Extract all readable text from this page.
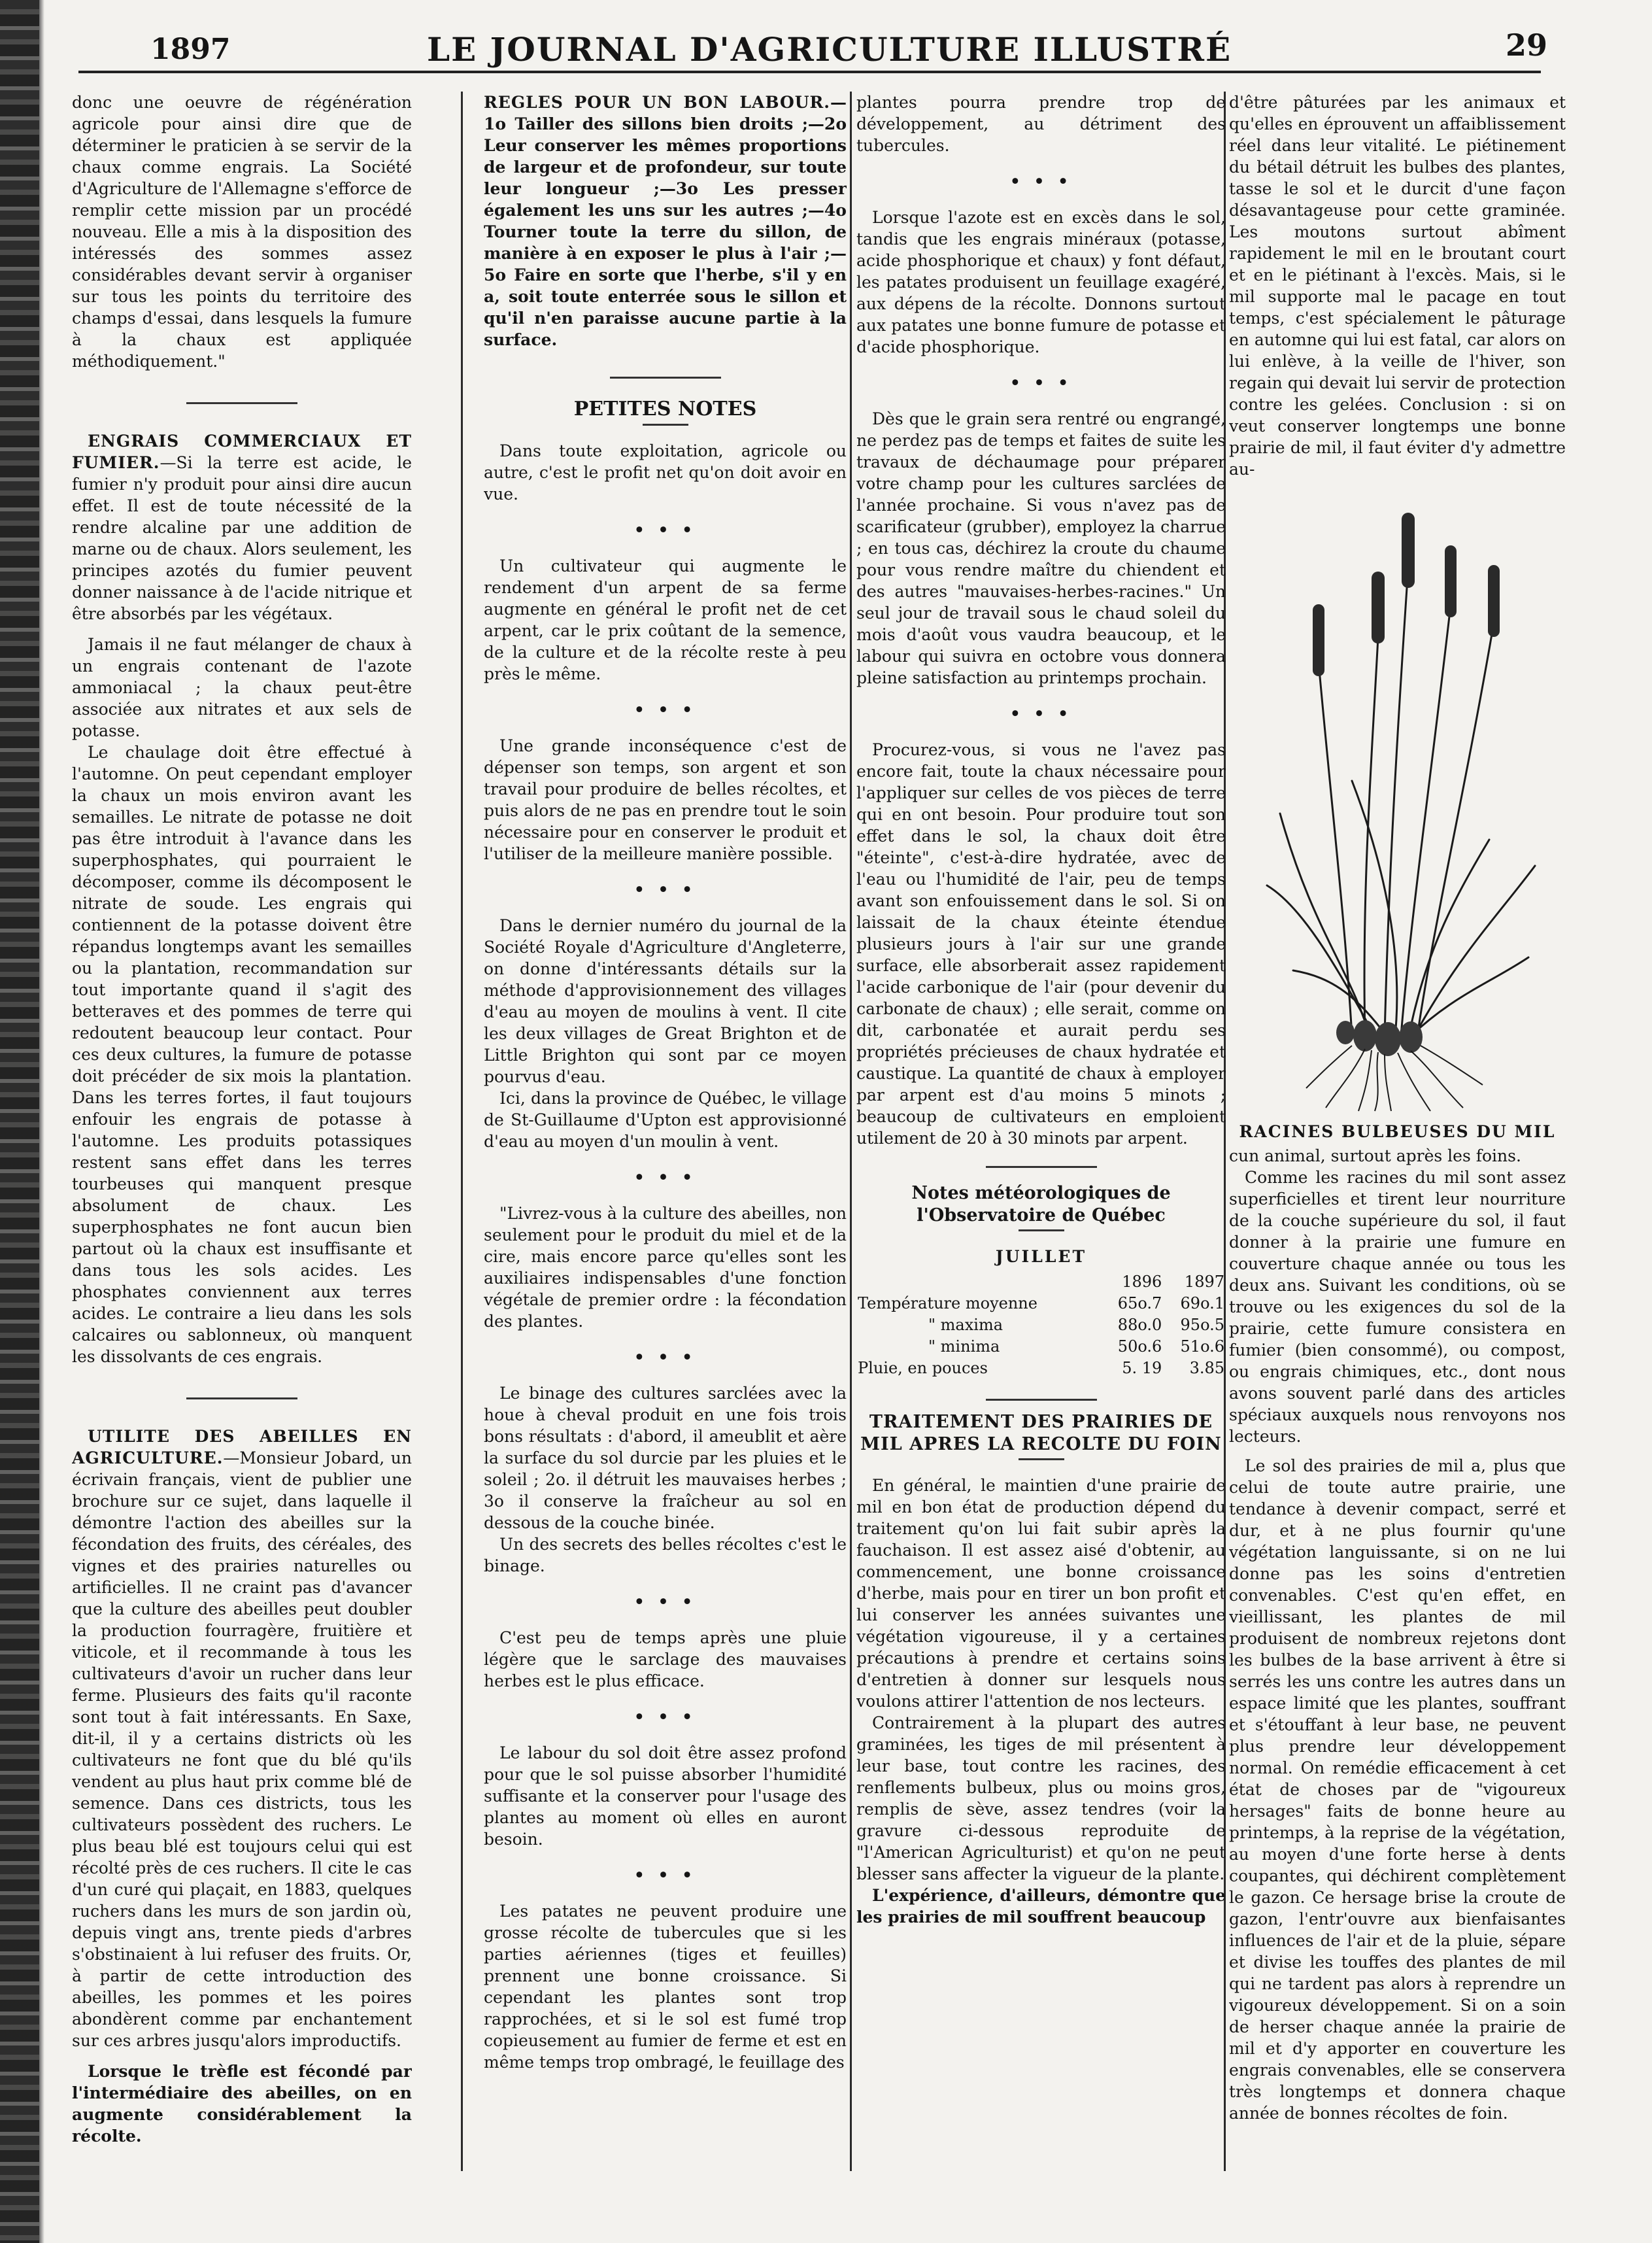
1897	LE JOURNAL D'AGRICULTURE ILLUSTRÉ	29

donc une oeuvre de régénération agricole pour ainsi dire que de déterminer le praticien à se servir de la chaux comme engrais. La Société d'Agriculture de l'Allemagne s'efforce de remplir cette mission par un procédé nouveau. Elle a mis à la disposition des intéressés des sommes assez considérables devant servir à organiser sur tous les points du territoire des champs d'essai, dans lesquels la fumure à la chaux est appliquée méthodiquement."

ENGRAIS COMMERCIAUX ET FUMIER.—Si la terre est acide, le fumier n'y produit pour ainsi dire aucun effet. Il est de toute nécessité de la rendre alcaline par une addition de marne ou de chaux. Alors seulement, les principes azotés du fumier peuvent donner naissance à de l'acide nitrique et être absorbés par les végétaux.

Jamais il ne faut mélanger de chaux à un engrais contenant de l'azote ammoniacal ; la chaux peut-être associée aux nitrates et aux sels de potasse.

Le chaulage doit être effectué à l'automne. On peut cependant employer la chaux un mois environ avant les semailles. Le nitrate de potasse ne doit pas être introduit à l'avance dans les superphosphates, qui pourraient le décomposer, comme ils décomposent le nitrate de soude. Les engrais qui contiennent de la potasse doivent être répandus longtemps avant les semailles ou la plantation, recommandation sur tout importante quand il s'agit des betteraves et des pommes de terre qui redoutent beaucoup leur contact. Pour ces deux cultures, la fumure de potasse doit précéder de six mois la plantation. Dans les terres fortes, il faut toujours enfouir les engrais de potasse à l'automne. Les produits potassiques restent sans effet dans les terres tourbeuses qui manquent presque absolument de chaux. Les superphosphates ne font aucun bien partout où la chaux est insuffisante et dans tous les sols acides. Les phosphates conviennent aux terres acides. Le contraire a lieu dans les sols calcaires ou sablonneux, où manquent les dissolvants de ces engrais.

UTILITE DES ABEILLES EN AGRICULTURE.—Monsieur Jobard, un écrivain français, vient de publier une brochure sur ce sujet, dans laquelle il démontre l'action des abeilles sur la fécondation des fruits, des céréales, des vignes et des prairies naturelles ou artificielles. Il ne craint pas d'avancer que la culture des abeilles peut doubler la production fourragère, fruitière et viticole, et il recommande à tous les cultivateurs d'avoir un rucher dans leur ferme. Plusieurs des faits qu'il raconte sont tout à fait intéressants. En Saxe, dit-il, il y a certains districts où les cultivateurs ne font que du blé qu'ils vendent au plus haut prix comme blé de semence. Dans ces districts, tous les cultivateurs possèdent des ruchers. Le plus beau blé est toujours celui qui est récolté près de ces ruchers. Il cite le cas d'un curé qui plaçait, en 1883, quelques ruchers dans les murs de son jardin où, depuis vingt ans, trente pieds d'arbres s'obstinaient à lui refuser des fruits. Or, à partir de cette introduction des abeilles, les pommes et les poires abondèrent comme par enchantement sur ces arbres jusqu'alors improductifs.

Lorsque le trèfle est fécondé par l'intermédiaire des abeilles, on en augmente considérablement la récolte.

REGLES POUR UN BON LABOUR.—1o Tailler des sillons bien droits ;—2o Leur conserver les mêmes proportions de largeur et de profondeur, sur toute leur longueur ;—3o Les presser également les uns sur les autres ;—4o Tourner toute la terre du sillon, de manière à en exposer le plus à l'air ;—5o Faire en sorte que l'herbe, s'il y en a, soit toute enterrée sous le sillon et qu'il n'en paraisse aucune partie à la surface.

PETITES NOTES

Dans toute exploitation, agricole ou autre, c'est le profit net qu'on doit avoir en vue.

• • •

Un cultivateur qui augmente le rendement d'un arpent de sa ferme augmente en général le profit net de cet arpent, car le prix coûtant de la semence, de la culture et de la récolte reste à peu près le même.

• • •

Une grande inconséquence c'est de dépenser son temps, son argent et son travail pour produire de belles récoltes, et puis alors de ne pas en prendre tout le soin nécessaire pour en conserver le produit et l'utiliser de la meilleure manière possible.

• • •

Dans le dernier numéro du journal de la Société Royale d'Agriculture d'Angleterre, on donne d'intéressants détails sur la méthode d'approvisionnement des villages d'eau au moyen de moulins à vent. Il cite les deux villages de Great Brighton et de Little Brighton qui sont par ce moyen pourvus d'eau.

Ici, dans la province de Québec, le village de St-Guillaume d'Upton est approvisionné d'eau au moyen d'un moulin à vent.

• • •

"Livrez-vous à la culture des abeilles, non seulement pour le produit du miel et de la cire, mais encore parce qu'elles sont les auxiliaires indispensables d'une fonction végétale de premier ordre : la fécondation des plantes.

• • •

Le binage des cultures sarclées avec la houe à cheval produit en une fois trois bons résultats : d'abord, il ameublit et aère la surface du sol durcie par les pluies et le soleil ; 2o. il détruit les mauvaises herbes ; 3o il conserve la fraîcheur au sol en dessous de la couche binée.

Un des secrets des belles récoltes c'est le binage.

• • •

C'est peu de temps après une pluie légère que le sarclage des mauvaises herbes est le plus efficace.

• • •

Le labour du sol doit être assez profond pour que le sol puisse absorber l'humidité suffisante et la conserver pour l'usage des plantes au moment où elles en auront besoin.

• • •

Les patates ne peuvent produire une grosse récolte de tubercules que si les parties aériennes (tiges et feuilles) prennent une bonne croissance. Si cependant les plantes sont trop rapprochées, et si le sol est fumé trop copieusement au fumier de ferme et est en même temps trop ombragé, le feuillage des

plantes pourra prendre trop de développement, au détriment des tubercules.

• • •

Lorsque l'azote est en excès dans le sol, tandis que les engrais minéraux (potasse, acide phosphorique et chaux) y font défaut, les patates produisent un feuillage exagéré, aux dépens de la récolte. Donnons surtout aux patates une bonne fumure de potasse et d'acide phosphorique.

• • •

Dès que le grain sera rentré ou engrangé, ne perdez pas de temps et faites de suite les travaux de déchaumage pour préparer votre champ pour les cultures sarclées de l'année prochaine. Si vous n'avez pas de scarificateur (grubber), employez la charrue ; en tous cas, déchirez la croute du chaume pour vous rendre maître du chiendent et des autres "mauvaises-herbes-racines." Un seul jour de travail sous le chaud soleil du mois d'août vous vaudra beaucoup, et le labour qui suivra en octobre vous donnera pleine satisfaction au printemps prochain.

• • •

Procurez-vous, si vous ne l'avez pas encore fait, toute la chaux nécessaire pour l'appliquer sur celles de vos pièces de terre qui en ont besoin. Pour produire tout son effet dans le sol, la chaux doit être "éteinte", c'est-à-dire hydratée, avec de l'eau ou l'humidité de l'air, peu de temps avant son enfouissement dans le sol. Si on laissait de la chaux éteinte étendue plusieurs jours à l'air sur une grande surface, elle absorberait assez rapidement l'acide carbonique de l'air (pour devenir du carbonate de chaux) ; elle serait, comme on dit, carbonatée et aurait perdu ses propriétés précieuses de chaux hydratée et caustique. La quantité de chaux à employer par arpent est d'au moins 5 minots ; beaucoup de cultivateurs en emploient utilement de 20 à 30 minots par arpent.

Notes météorologiques de l'Observatoire de Québec
JUILLET
	1896	1897
Température moyenne	65o.7	69o.1
" maxima	88o.0	95o.5
" minima	50o.6	51o.6
Pluie, en pouces	5. 19	3.85
TRAITEMENT DES PRAIRIES DE MIL APRES LA RECOLTE DU FOIN

En général, le maintien d'une prairie de mil en bon état de production dépend du traitement qu'on lui fait subir après la fauchaison. Il est assez aisé d'obtenir, au commencement, une bonne croissance d'herbe, mais pour en tirer un bon profit et lui conserver les années suivantes une végétation vigoureuse, il y a certaines précautions à prendre et certains soins d'entretien à donner sur lesquels nous voulons attirer l'attention de nos lecteurs.

Contrairement à la plupart des autres graminées, les tiges de mil présentent à leur base, tout contre les racines, des renflements bulbeux, plus ou moins gros, remplis de sève, assez tendres (voir la gravure ci-dessous reproduite de "l'American Agriculturist) et qu'on ne peut blesser sans affecter la vigueur de la plante.

L'expérience, d'ailleurs, démontre que les prairies de mil souffrent beaucoup

d'être pâturées par les animaux et qu'elles en éprouvent un affaiblissement réel dans leur vitalité. Le piétinement du bétail détruit les bulbes des plantes, tasse le sol et le durcit d'une façon désavantageuse pour cette graminée. Les moutons surtout abîment rapidement le mil en le broutant court et en le piétinant à l'excès. Mais, si le mil supporte mal le pacage en tout temps, c'est spécialement le pâturage en automne qui lui est fatal, car alors on lui enlève, à la veille de l'hiver, son regain qui devait lui servir de protection contre les gelées. Conclusion : si on veut conserver longtemps une bonne prairie de mil, il faut éviter d'y admettre au-

RACINES BULBEUSES DU MIL

cun animal, surtout après les foins.

Comme les racines du mil sont assez superficielles et tirent leur nourriture de la couche supérieure du sol, il faut donner à la prairie une fumure en couverture chaque année ou tous les deux ans. Suivant les conditions, où se trouve ou les exigences du sol de la prairie, cette fumure consistera en fumier (bien consommé), ou compost, ou engrais chimiques, etc., dont nous avons souvent parlé dans des articles spéciaux auxquels nous renvoyons nos lecteurs.

Le sol des prairies de mil a, plus que celui de toute autre prairie, une tendance à devenir compact, serré et dur, et à ne plus fournir qu'une végétation languissante, si on ne lui donne pas les soins d'entretien convenables. C'est qu'en effet, en vieillissant, les plantes de mil produisent de nombreux rejetons dont les bulbes de la base arrivent à être si serrés les uns contre les autres dans un espace limité que les plantes, souffrant et s'étouffant à leur base, ne peuvent plus prendre leur développement normal. On remédie efficacement à cet état de choses par de "vigoureux hersages" faits de bonne heure au printemps, à la reprise de la végétation, au moyen d'une forte herse à dents coupantes, qui déchirent complètement le gazon. Ce hersage brise la croute de gazon, l'entr'ouvre aux bienfaisantes influences de l'air et de la pluie, sépare et divise les touffes des plantes de mil qui ne tardent pas alors à reprendre un vigoureux développement. Si on a soin de herser chaque année la prairie de mil et d'y apporter en couverture les engrais convenables, elle se conservera très longtemps et donnera chaque année de bonnes récoltes de foin.
